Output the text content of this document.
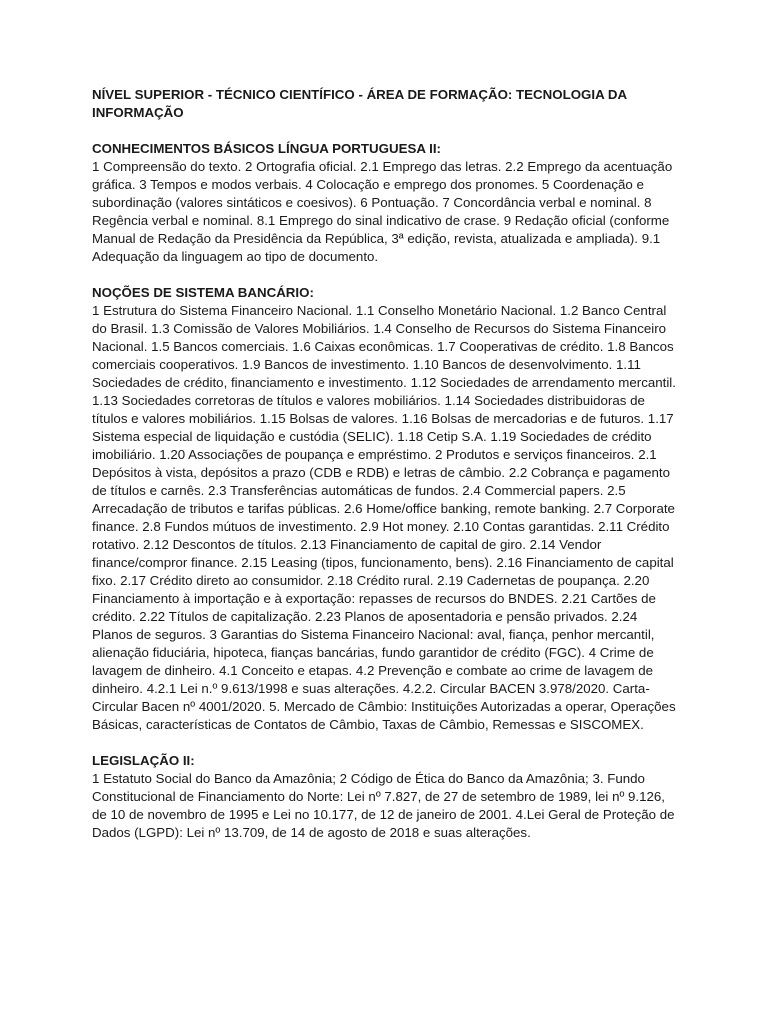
NÍVEL SUPERIOR - TÉCNICO CIENTÍFICO - ÁREA DE FORMAÇÃO: TECNOLOGIA DA INFORMAÇÃO

CONHECIMENTOS BÁSICOS LÍNGUA PORTUGUESA II:

1 Compreensão do texto. 2 Ortografia oficial. 2.1 Emprego das letras. 2.2 Emprego da acentuação gráfica. 3 Tempos e modos verbais. 4 Colocação e emprego dos pronomes. 5 Coordenação e subordinação (valores sintáticos e coesivos). 6 Pontuação. 7 Concordância verbal e nominal. 8 Regência verbal e nominal. 8.1 Emprego do sinal indicativo de crase. 9 Redação oficial (conforme Manual de Redação da Presidência da República, 3ª edição, revista, atualizada e ampliada). 9.1 Adequação da linguagem ao tipo de documento.

NOÇÕES DE SISTEMA BANCÁRIO:

1 Estrutura do Sistema Financeiro Nacional. 1.1 Conselho Monetário Nacional. 1.2 Banco Central do Brasil. 1.3 Comissão de Valores Mobiliários. 1.4 Conselho de Recursos do Sistema Financeiro Nacional. 1.5 Bancos comerciais. 1.6 Caixas econômicas. 1.7 Cooperativas de crédito. 1.8 Bancos comerciais cooperativos. 1.9 Bancos de investimento. 1.10 Bancos de desenvolvimento. 1.11 Sociedades de crédito, financiamento e investimento. 1.12 Sociedades de arrendamento mercantil. 1.13 Sociedades corretoras de títulos e valores mobiliários. 1.14 Sociedades distribuidoras de títulos e valores mobiliários. 1.15 Bolsas de valores. 1.16 Bolsas de mercadorias e de futuros. 1.17 Sistema especial de liquidação e custódia (SELIC). 1.18 Cetip S.A. 1.19 Sociedades de crédito imobiliário. 1.20 Associações de poupança e empréstimo. 2 Produtos e serviços financeiros. 2.1 Depósitos à vista, depósitos a prazo (CDB e RDB) e letras de câmbio. 2.2 Cobrança e pagamento de títulos e carnês. 2.3 Transferências automáticas de fundos. 2.4 Commercial papers. 2.5 Arrecadação de tributos e tarifas públicas. 2.6 Home/office banking, remote banking. 2.7 Corporate finance. 2.8 Fundos mútuos de investimento. 2.9 Hot money. 2.10 Contas garantidas. 2.11 Crédito rotativo. 2.12 Descontos de títulos. 2.13 Financiamento de capital de giro. 2.14 Vendor finance/compror finance. 2.15 Leasing (tipos, funcionamento, bens). 2.16 Financiamento de capital fixo. 2.17 Crédito direto ao consumidor. 2.18 Crédito rural. 2.19 Cadernetas de poupança. 2.20 Financiamento à importação e à exportação: repasses de recursos do BNDES. 2.21 Cartões de crédito. 2.22 Títulos de capitalização. 2.23 Planos de aposentadoria e pensão privados. 2.24 Planos de seguros. 3 Garantias do Sistema Financeiro Nacional: aval, fiança, penhor mercantil, alienação fiduciária, hipoteca, fianças bancárias, fundo garantidor de crédito (FGC). 4 Crime de lavagem de dinheiro. 4.1 Conceito e etapas. 4.2 Prevenção e combate ao crime de lavagem de dinheiro. 4.2.1 Lei n.º 9.613/1998 e suas alterações. 4.2.2. Circular BACEN 3.978/2020. Carta-Circular Bacen nº 4001/2020. 5. Mercado de Câmbio: Instituições Autorizadas a operar, Operações Básicas, características de Contatos de Câmbio, Taxas de Câmbio, Remessas e SISCOMEX.

LEGISLAÇÃO II:

1 Estatuto Social do Banco da Amazônia; 2 Código de Ética do Banco da Amazônia; 3. Fundo Constitucional de Financiamento do Norte: Lei nº 7.827, de 27 de setembro de 1989, lei nº 9.126, de 10 de novembro de 1995 e Lei no 10.177, de 12 de janeiro de 2001. 4.Lei Geral de Proteção de Dados (LGPD): Lei nº 13.709, de 14 de agosto de 2018 e suas alterações.
